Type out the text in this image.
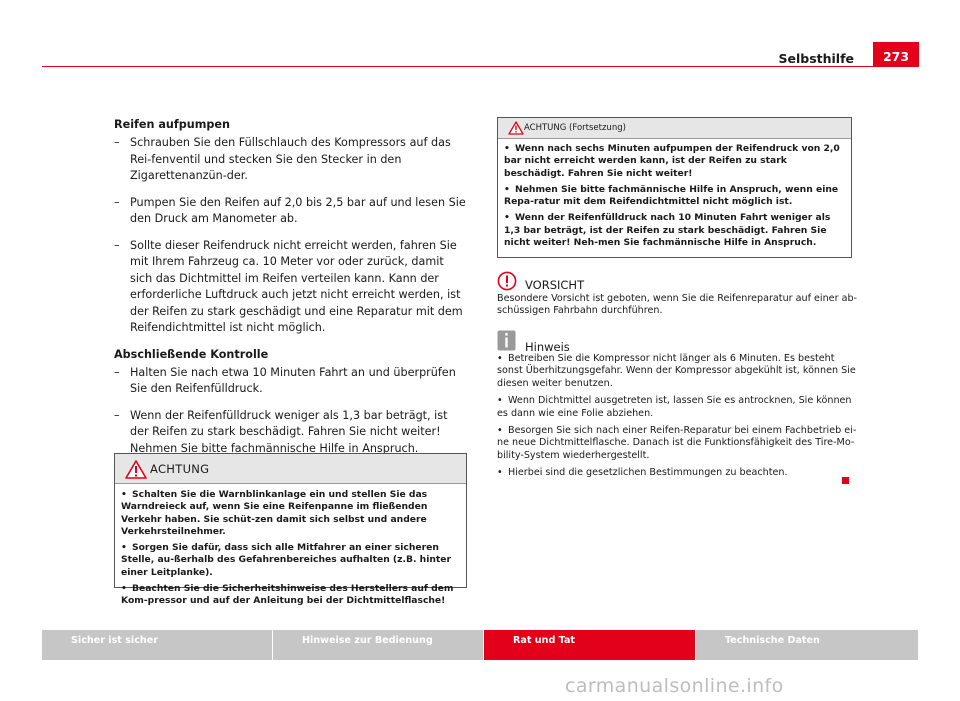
Selbsthilfe	273
Reifen aufpumpen
– Schrauben Sie den Füllschlauch des Kompressors auf das Rei-fenventil und stecken Sie den Stecker in den Zigarettenanzün-der.
– Pumpen Sie den Reifen auf 2,0 bis 2,5 bar auf und lesen Sie den Druck am Manometer ab.
– Sollte dieser Reifendruck nicht erreicht werden, fahren Sie mit Ihrem Fahrzeug ca. 10 Meter vor oder zurück, damit sich das Dichtmittel im Reifen verteilen kann. Kann der erforderliche Luftdruck auch jetzt nicht erreicht werden, ist der Reifen zu stark geschädigt und eine Reparatur mit dem Reifendichtmittel ist nicht möglich.
Abschließende Kontrolle
– Halten Sie nach etwa 10 Minuten Fahrt an und überprüfen Sie den Reifenfülldruck.
– Wenn der Reifenfülldruck weniger als 1,3 bar beträgt, ist der Reifen zu stark beschädigt. Fahren Sie nicht weiter! Nehmen Sie bitte fachmännische Hilfe in Anspruch.
ACHTUNG

• Schalten Sie die Warnblinkanlage ein und stellen Sie das Warndreieck auf, wenn Sie eine Reifenpanne im fließenden Verkehr haben. Sie schüt-zen damit sich selbst und andere Verkehrsteilnehmer.

• Sorgen Sie dafür, dass sich alle Mitfahrer an einer sicheren Stelle, au-ßerhalb des Gefahrenbereiches aufhalten (z.B. hinter einer Leitplanke).

• Beachten Sie die Sicherheitshinweise des Herstellers auf dem Kom-pressor und auf der Anleitung bei der Dichtmittelflasche!

ACHTUNG (Fortsetzung)

• Wenn nach sechs Minuten aufpumpen der Reifendruck von 2,0 bar nicht erreicht werden kann, ist der Reifen zu stark beschädigt. Fahren Sie nicht weiter!

• Nehmen Sie bitte fachmännische Hilfe in Anspruch, wenn eine Repa-ratur mit dem Reifendichtmittel nicht möglich ist.

• Wenn der Reifenfülldruck nach 10 Minuten Fahrt weniger als 1,3 bar beträgt, ist der Reifen zu stark beschädigt. Fahren Sie nicht weiter! Neh-men Sie fachmännische Hilfe in Anspruch.

VORSICHT

Besondere Vorsicht ist geboten, wenn Sie die Reifenreparatur auf einer ab-schüssigen Fahrbahn durchführen.

Hinweis

• Betreiben Sie die Kompressor nicht länger als 6 Minuten. Es besteht sonst Überhitzungsgefahr. Wenn der Kompressor abgekühlt ist, können Sie diesen weiter benutzen.

• Wenn Dichtmittel ausgetreten ist, lassen Sie es antrocknen, Sie können es dann wie eine Folie abziehen.

• Besorgen Sie sich nach einer Reifen-Reparatur bei einem Fachbetrieb ei-ne neue Dichtmittelflasche. Danach ist die Funktionsfähigkeit des Tire-Mo-bility-System wiederhergestellt.

• Hierbei sind die gesetzlichen Bestimmungen zu beachten.

Sicher ist sicher	Hinweise zur Bedienung	Rat und Tat	Technische Daten
carmanualsonline.info
